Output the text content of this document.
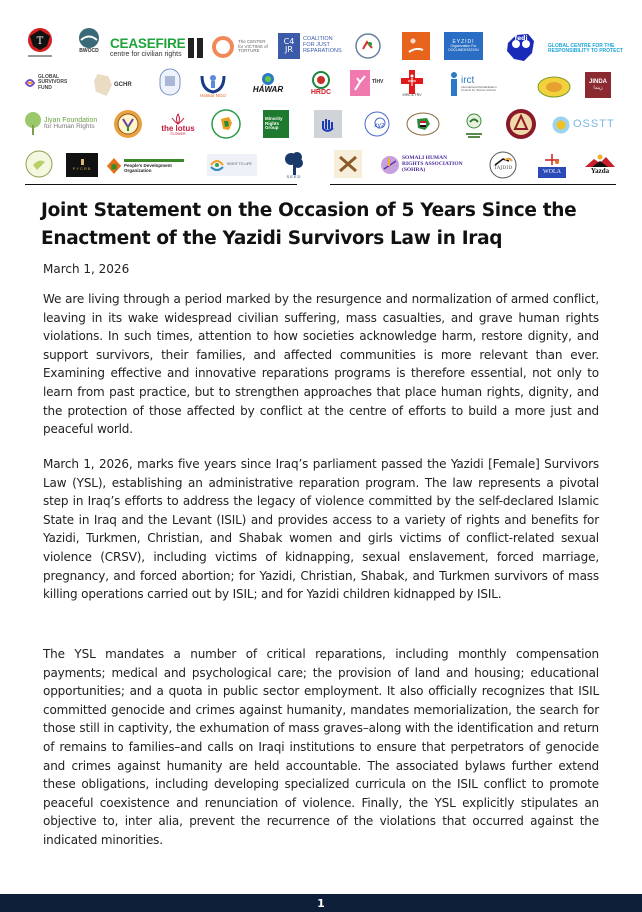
T
BWOCD
CEASEFIRE
centre for civilian rights
The CENTER for VICTIMS of TORTURE
C4
JR
COALITION FOR JUST REPARATIONS
EYZIDI
Organization For DOCUMENTATION
fedi
GLOBAL CENTRE FOR THE RESPONSIBILITY TO PROTECT
GLOBAL SURVIVORS FUND	GCHR
Harikar NGO
HÁWAR	HRDC
TİHV
IHRL & TRV
irct
International Rehabilitation Council for Torture Victims
JINDA
زيندا
Jiyan Foundation
for Human Rights	the lotus
FLOWER
Minority Rights Group	xyz	OSSTT
PYCRB
People's Development Organization
RIGHT TO LIFE
SEED
SOMALI HUMAN RIGHTS ASSOCIATION (SOHRA)	TAJDID
WOLA	Yazda
Joint Statement on the Occasion of 5 Years Since the Enactment of the Yazidi Survivors Law in Iraq
March 1, 2026

We are living through a period marked by the resurgence and normalization of armed conflict, leaving in its wake widespread civilian suffering, mass casualties, and grave human rights violations. In such times, attention to how societies acknowledge harm, restore dignity, and support survivors, their families, and affected communities is more relevant than ever. Examining effective and innovative reparations programs is therefore essential, not only to learn from past practice, but to strengthen approaches that place human rights, dignity, and the protection of those affected by conflict at the centre of efforts to build a more just and peaceful world.

March 1, 2026, marks five years since Iraq’s parliament passed the Yazidi [Female] Survivors Law (YSL), establishing an administrative reparation program. The law represents a pivotal step in Iraq’s efforts to address the legacy of violence committed by the self-declared Islamic State in Iraq and the Levant (ISIL) and provides access to a variety of rights and benefits for Yazidi, Turkmen, Christian, and Shabak women and girls victims of conflict-related sexual violence (CRSV), including victims of kidnapping, sexual enslavement, forced marriage, pregnancy, and forced abortion; for Yazidi, Christian, Shabak, and Turkmen survivors of mass killing operations carried out by ISIL; and for Yazidi children kidnapped by ISIL.

The YSL mandates a number of critical reparations, including monthly compensation payments; medical and psychological care; the provision of land and housing; educational opportunities; and a quota in public sector employment. It also officially recognizes that ISIL committed genocide and crimes against humanity, mandates memorialization, the search for those still in captivity, the exhumation of mass graves–along with the identification and return of remains to families–and calls on Iraqi institutions to ensure that perpetrators of genocide and crimes against humanity are held accountable. The associated bylaws further extend these obligations, including developing specialized curricula on the ISIL conflict to promote peaceful coexistence and renunciation of violence. Finally, the YSL explicitly stipulates an objective to, inter alia, prevent the recurrence of the violations that occurred against the indicated minorities.

1
